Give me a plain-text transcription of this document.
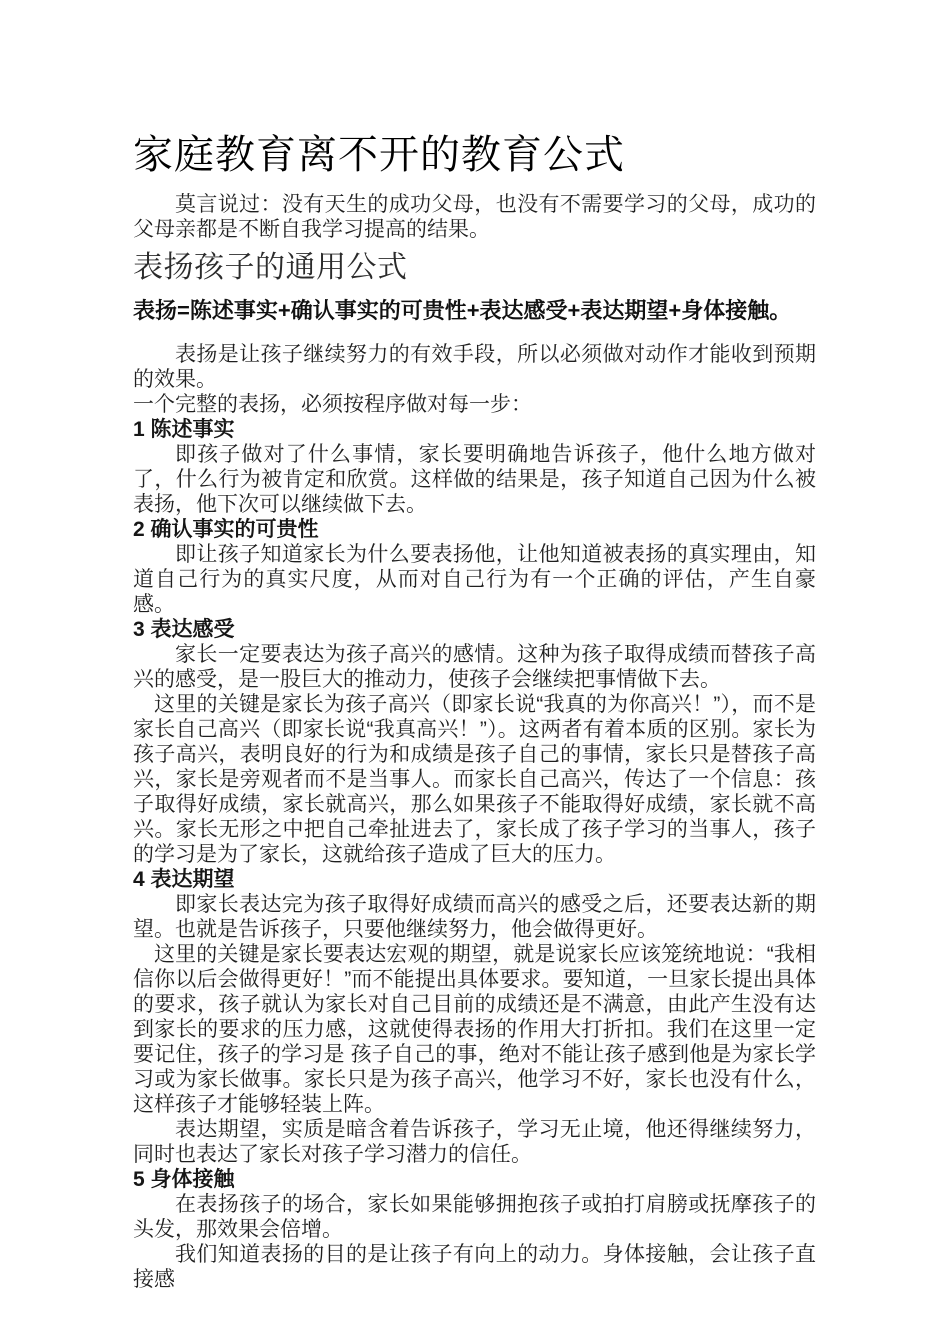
家庭教育离不开的教育公式

莫言说过：没有天生的成功父母，也没有不需要学习的父母，成功的父母亲都是不断自我学习提高的结果。

表扬孩子的通用公式

表扬=陈述事实+确认事实的可贵性+表达感受+表达期望+身体接触。

表扬是让孩子继续努力的有效手段，所以必须做对动作才能收到预期的效果。

一个完整的表扬，必须按程序做对每一步：

1 陈述事实

即孩子做对了什么事情，家长要明确地告诉孩子，他什么地方做对了，什么行为被肯定和欣赏。这样做的结果是，孩子知道自己因为什么被表扬，他下次可以继续做下去。

2 确认事实的可贵性

即让孩子知道家长为什么要表扬他，让他知道被表扬的真实理由，知道自己行为的真实尺度，从而对自己行为有一个正确的评估，产生自豪感。

3 表达感受

家长一定要表达为孩子高兴的感情。这种为孩子取得成绩而替孩子高兴的感受，是一股巨大的推动力，使孩子会继续把事情做下去。

这里的关键是家长为孩子高兴（即家长说“我真的为你高兴！”），而不是家长自己高兴（即家长说“我真高兴！”）。这两者有着本质的区别。家长为孩子高兴，表明良好的行为和成绩是孩子自己的事情，家长只是替孩子高兴，家长是旁观者而不是当事人。而家长自己高兴，传达了一个信息：孩子取得好成绩，家长就高兴，那么如果孩子不能取得好成绩，家长就不高兴。家长无形之中把自己牵扯进去了，家长成了孩子学习的当事人，孩子的学习是为了家长，这就给孩子造成了巨大的压力。

4 表达期望

即家长表达完为孩子取得好成绩而高兴的感受之后，还要表达新的期望。也就是告诉孩子，只要他继续努力，他会做得更好。

这里的关键是家长要表达宏观的期望，就是说家长应该笼统地说：“我相信你以后会做得更好！”而不能提出具体要求。要知道，一旦家长提出具体的要求，孩子就认为家长对自己目前的成绩还是不满意，由此产生没有达到家长的要求的压力感，这就使得表扬的作用大打折扣。我们在这里一定要记住，孩子的学习是 孩子自己的事，绝对不能让孩子感到他是为家长学习或为家长做事。家长只是为孩子高兴，他学习不好，家长也没有什么，这样孩子才能够轻装上阵。

表达期望，实质是暗含着告诉孩子，学习无止境，他还得继续努力，同时也表达了家长对孩子学习潜力的信任。

5 身体接触

在表扬孩子的场合，家长如果能够拥抱孩子或拍打肩膀或抚摩孩子的头发，那效果会倍增。

我们知道表扬的目的是让孩子有向上的动力。身体接触，会让孩子直接感
